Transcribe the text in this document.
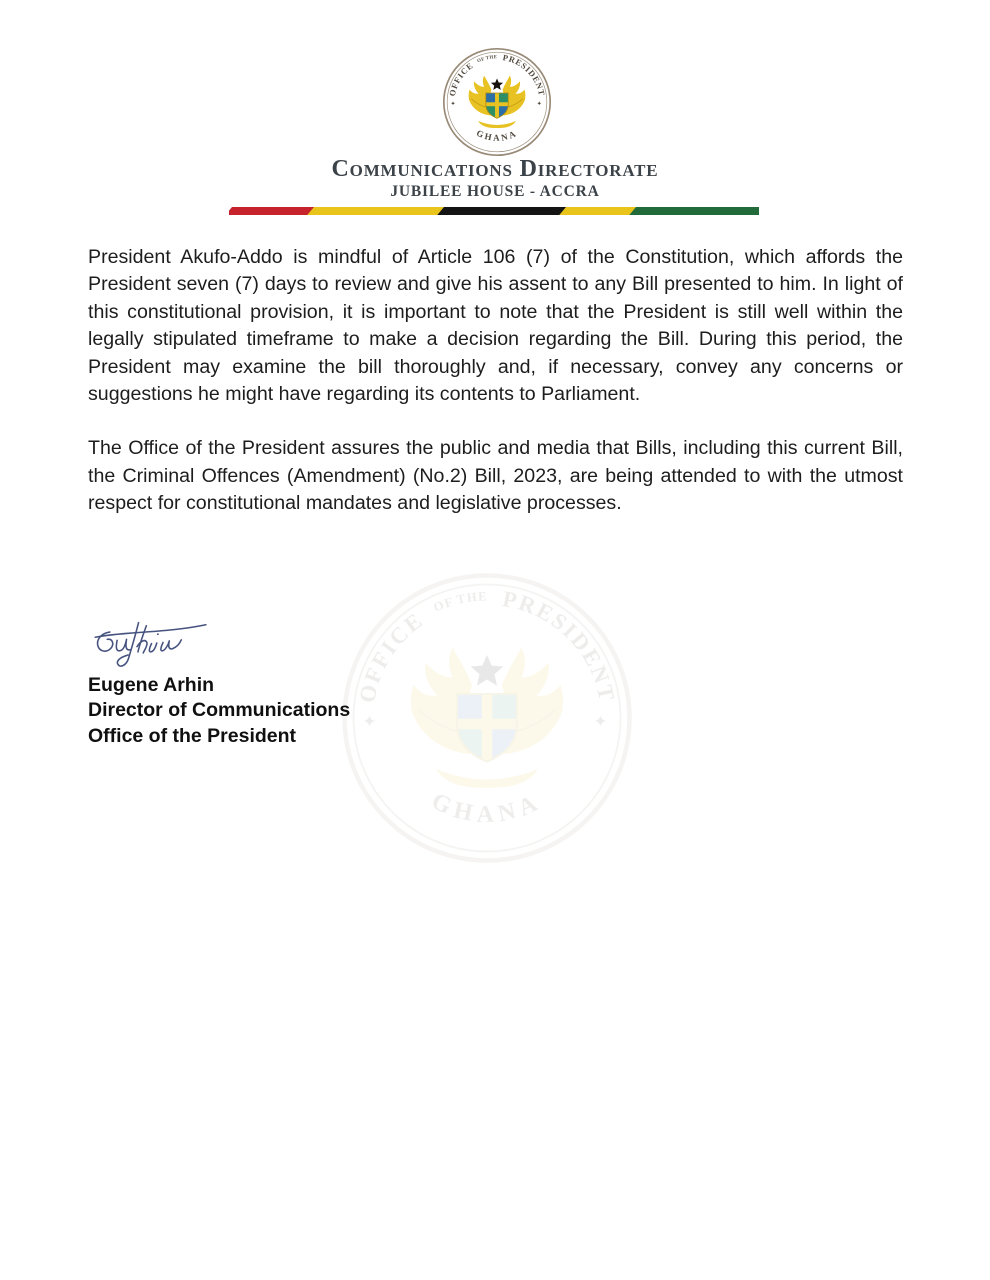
Communications Directorate
JUBILEE HOUSE - ACCRA

President Akufo-Addo is mindful of Article 106 (7) of the Constitution, which affords the President seven (7) days to review and give his assent to any Bill presented to him. In light of this constitutional provision, it is important to note that the President is still well within the legally stipulated timeframe to make a decision regarding the Bill. During this period, the President may examine the bill thoroughly and, if necessary, convey any concerns or suggestions he might have regarding its contents to Parliament.

The Office of the President assures the public and media that Bills, including this current Bill, the Criminal Offences (Amendment) (No.2) Bill, 2023, are being attended to with the utmost respect for constitutional mandates and legislative processes.

Eugene Arhin
Director of Communications
Office of the President
